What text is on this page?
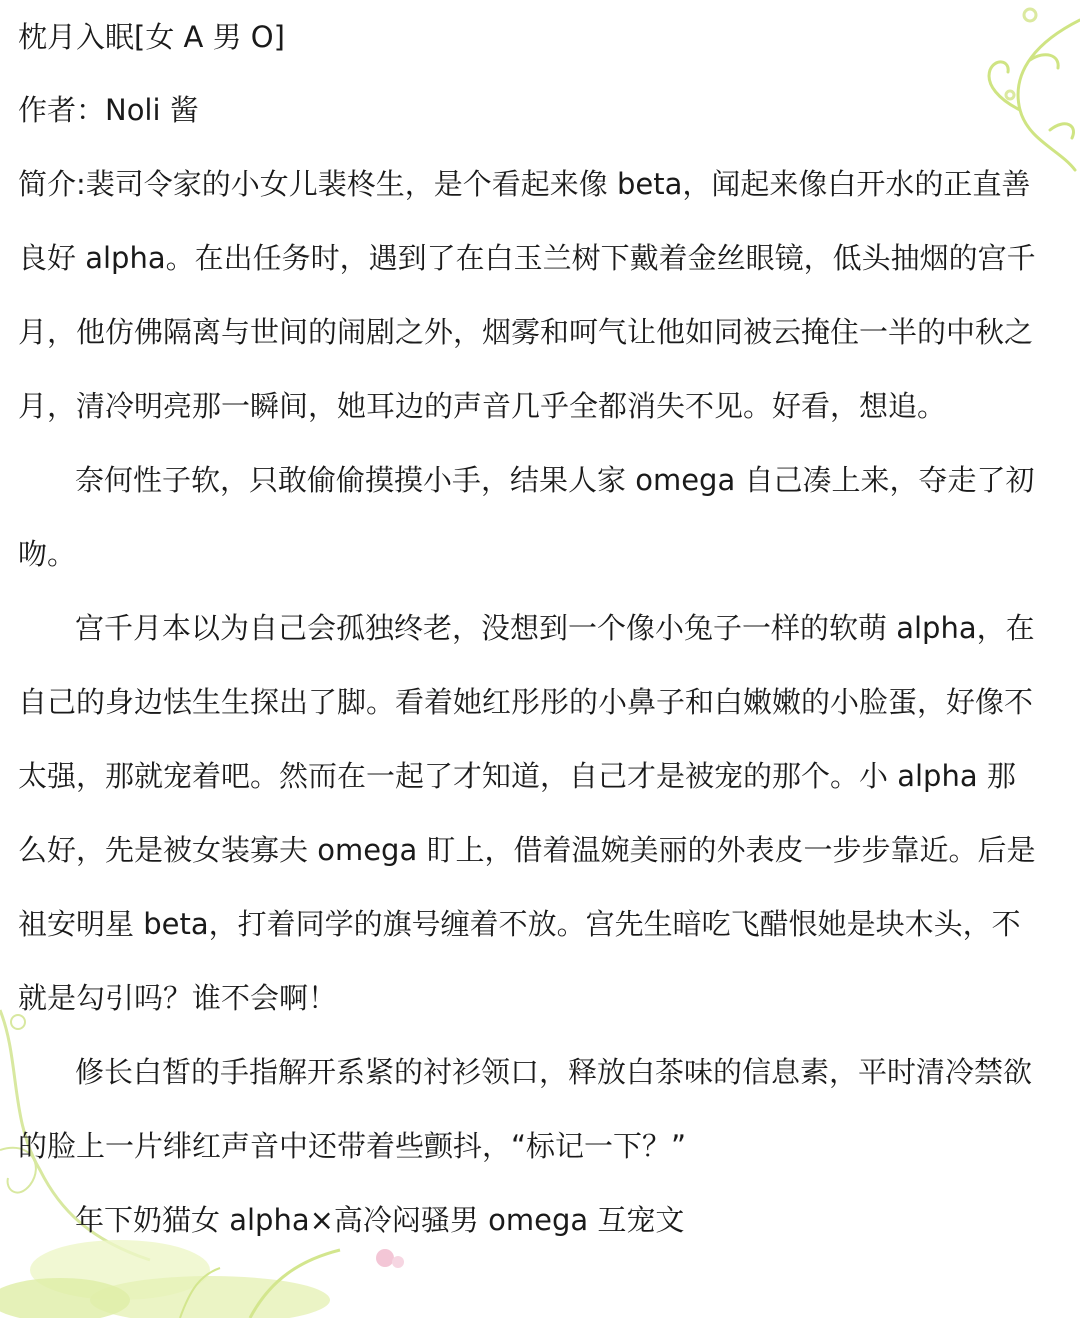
枕月入眠[女 A 男 O]
作者：Noli 酱
简介:裴司令家的小女儿裴柊生，是个看起来像 beta，闻起来像白开水的正直善
良好 alpha。在出任务时，遇到了在白玉兰树下戴着金丝眼镜，低头抽烟的宫千
月，他仿佛隔离与世间的闹剧之外，烟雾和呵气让他如同被云掩住一半的中秋之
月，清冷明亮那一瞬间，她耳边的声音几乎全都消失不见。好看，想追。
奈何性子软，只敢偷偷摸摸小手，结果人家 omega 自己凑上来，夺走了初
吻。
宫千月本以为自己会孤独终老，没想到一个像小兔子一样的软萌 alpha，在
自己的身边怯生生探出了脚。看着她红彤彤的小鼻子和白嫩嫩的小脸蛋，好像不
太强，那就宠着吧。然而在一起了才知道，自己才是被宠的那个。小 alpha 那
么好，先是被女装寡夫 omega 盯上，借着温婉美丽的外表皮一步步靠近。后是
祖安明星 beta，打着同学的旗号缠着不放。宫先生暗吃飞醋恨她是块木头，不
就是勾引吗？谁不会啊！
修长白皙的手指解开系紧的衬衫领口，释放白茶味的信息素，平时清冷禁欲
的脸上一片绯红声音中还带着些颤抖，“标记一下？”
年下奶猫女 alpha×高冷闷骚男 omega 互宠文
